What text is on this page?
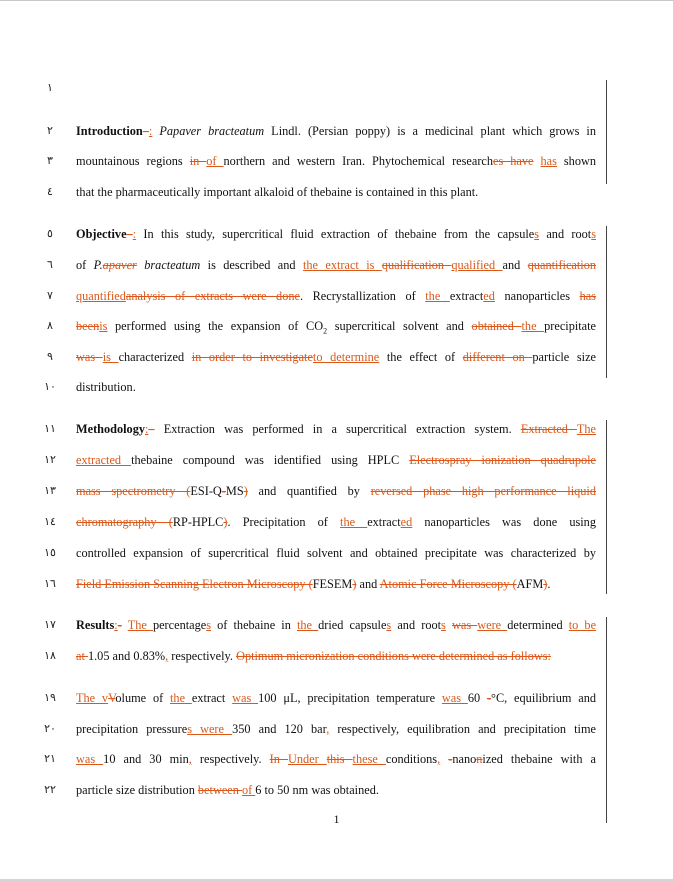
Introduction–: Papaver bracteatum Lindl. (Persian poppy) is a medicinal plant which grows in
mountainous regions in of northern and western Iran. Phytochemical researches have has shown
that the pharmaceutically important alkaloid of thebaine is contained in this plant.
Objective–: In this study, supercritical fluid extraction of thebaine from the capsules and roots
of P.apaver bracteatum is described and the extract is qualification qualified and quantification
quantifiedanalysis of extracts were done. Recrystallization of the extracted nanoparticles has
beenis performed using the expansion of $CO_2$ supercritical solvent and obtained the precipitate
was is characterized in order to investigateto determine the effect of different on particle size
distribution.
Methodology:– Extraction was performed in a supercritical extraction system. Extracted The
extracted thebaine compound was identified using HPLC Electrospray ionization quadrupole
mass spectrometry (ESI-Q-MS) and quantified by reversed phase high performance liquid
chromatography (RP-HPLC). Precipitation of the extracted nanoparticles was done using
controlled expansion of supercritical fluid solvent and obtained precipitate was characterized by
Field Emission Scanning Electron Microscopy (FESEM) and Atomic Force Microscopy (AFM).
Results:- The percentages of thebaine in the dried capsules and roots was were determined to be
at 1.05 and 0.83%, respectively. Optimum micronization conditions were determined as follows:
The vVolume of the extract was 100 μL, precipitation temperature was 60 -°C, equilibrium and
precipitation pressures were 350 and 120 bar, respectively, equilibration and precipitation time
was 10 and 30 min, respectively. In Under this these conditions, -nanonized thebaine with a
particle size distribution between of 6 to 50 nm was obtained.
١
٢
٣
٤
٥
٦
٧
٨
٩
١٠
١١
١٢
١٣
١٤
١٥
١٦
١٧
١٨
١٩
٢٠
٢١
٢٢
1
